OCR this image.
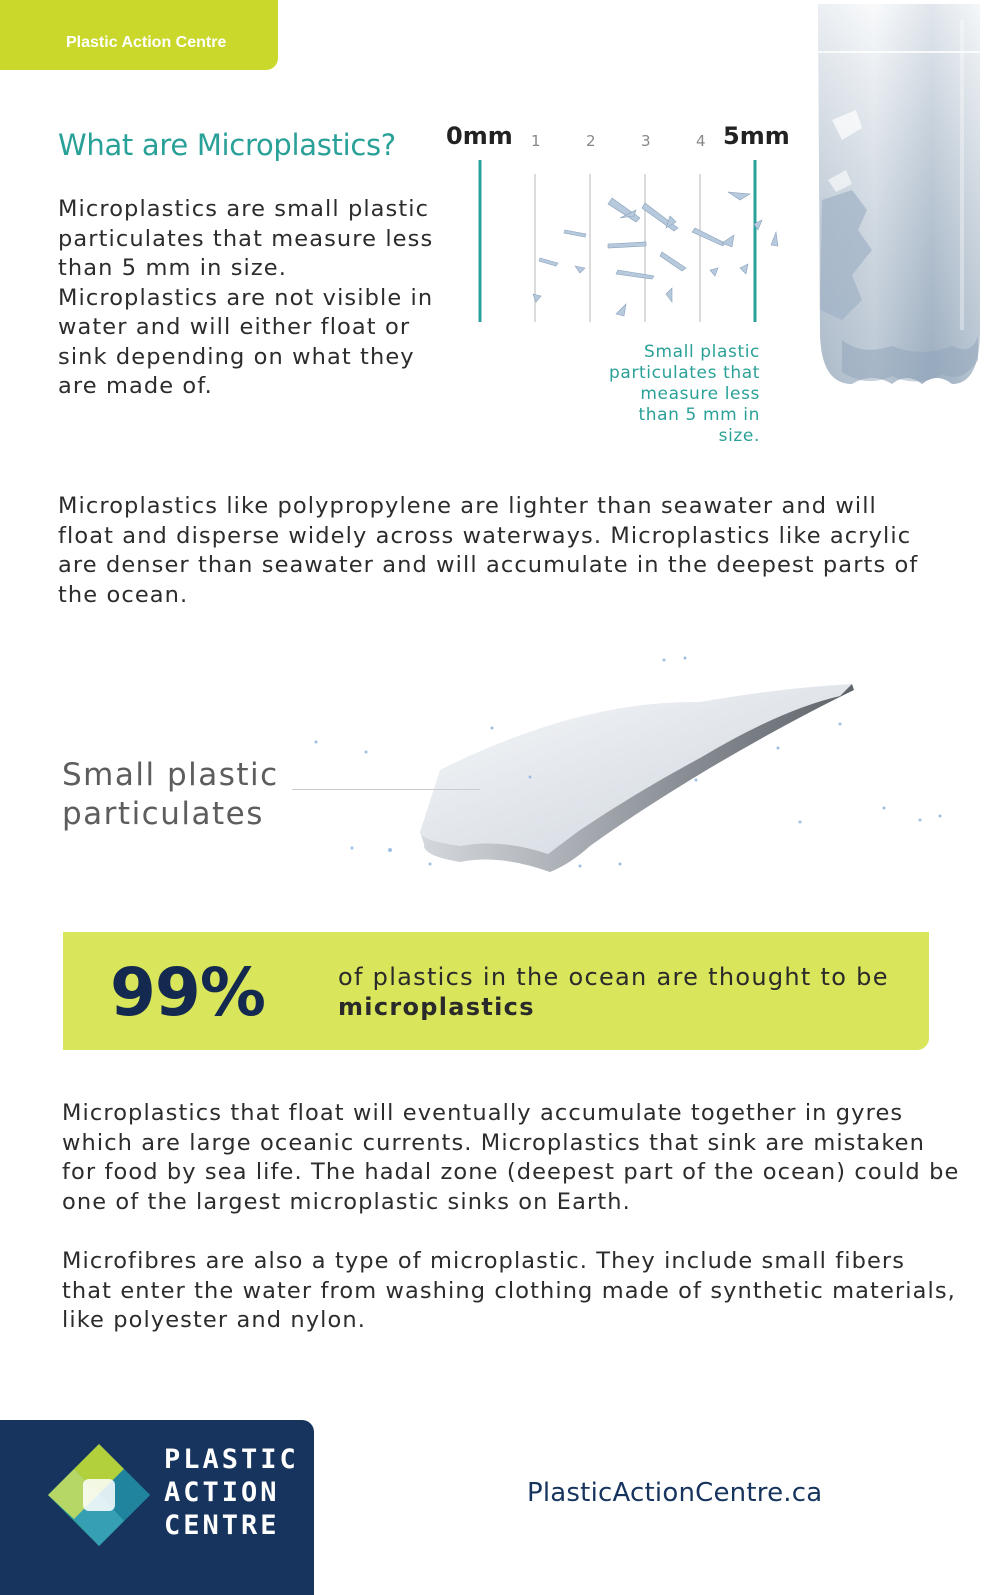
Plastic Action Centre
What are Microplastics?
Microplastics are small plastic particulates that measure less than 5 mm in size. Microplastics are not visible in water and will either float or sink depending on what they are made of.
0mm 1	2	3	4 5mm
Small plastic particulates that measure less than 5 mm in size.
Microplastics like polypropylene are lighter than seawater and will float and disperse widely across waterways. Microplastics like acrylic are denser than seawater and will accumulate in the deepest parts of the ocean.
Small plastic particulates
99%	of plastics in the ocean are thought to be microplastics
Microplastics that float will eventually accumulate together in gyres which are large oceanic currents. Microplastics that sink are mistaken for food by sea life. The hadal zone (deepest part of the ocean) could be one of the largest microplastic sinks on Earth.
Microfibres are also a type of microplastic. They include small fibers that enter the water from washing clothing made of synthetic materials, like polyester and nylon.
PLASTIC
ACTION
CENTRE
PlasticActionCentre.ca
